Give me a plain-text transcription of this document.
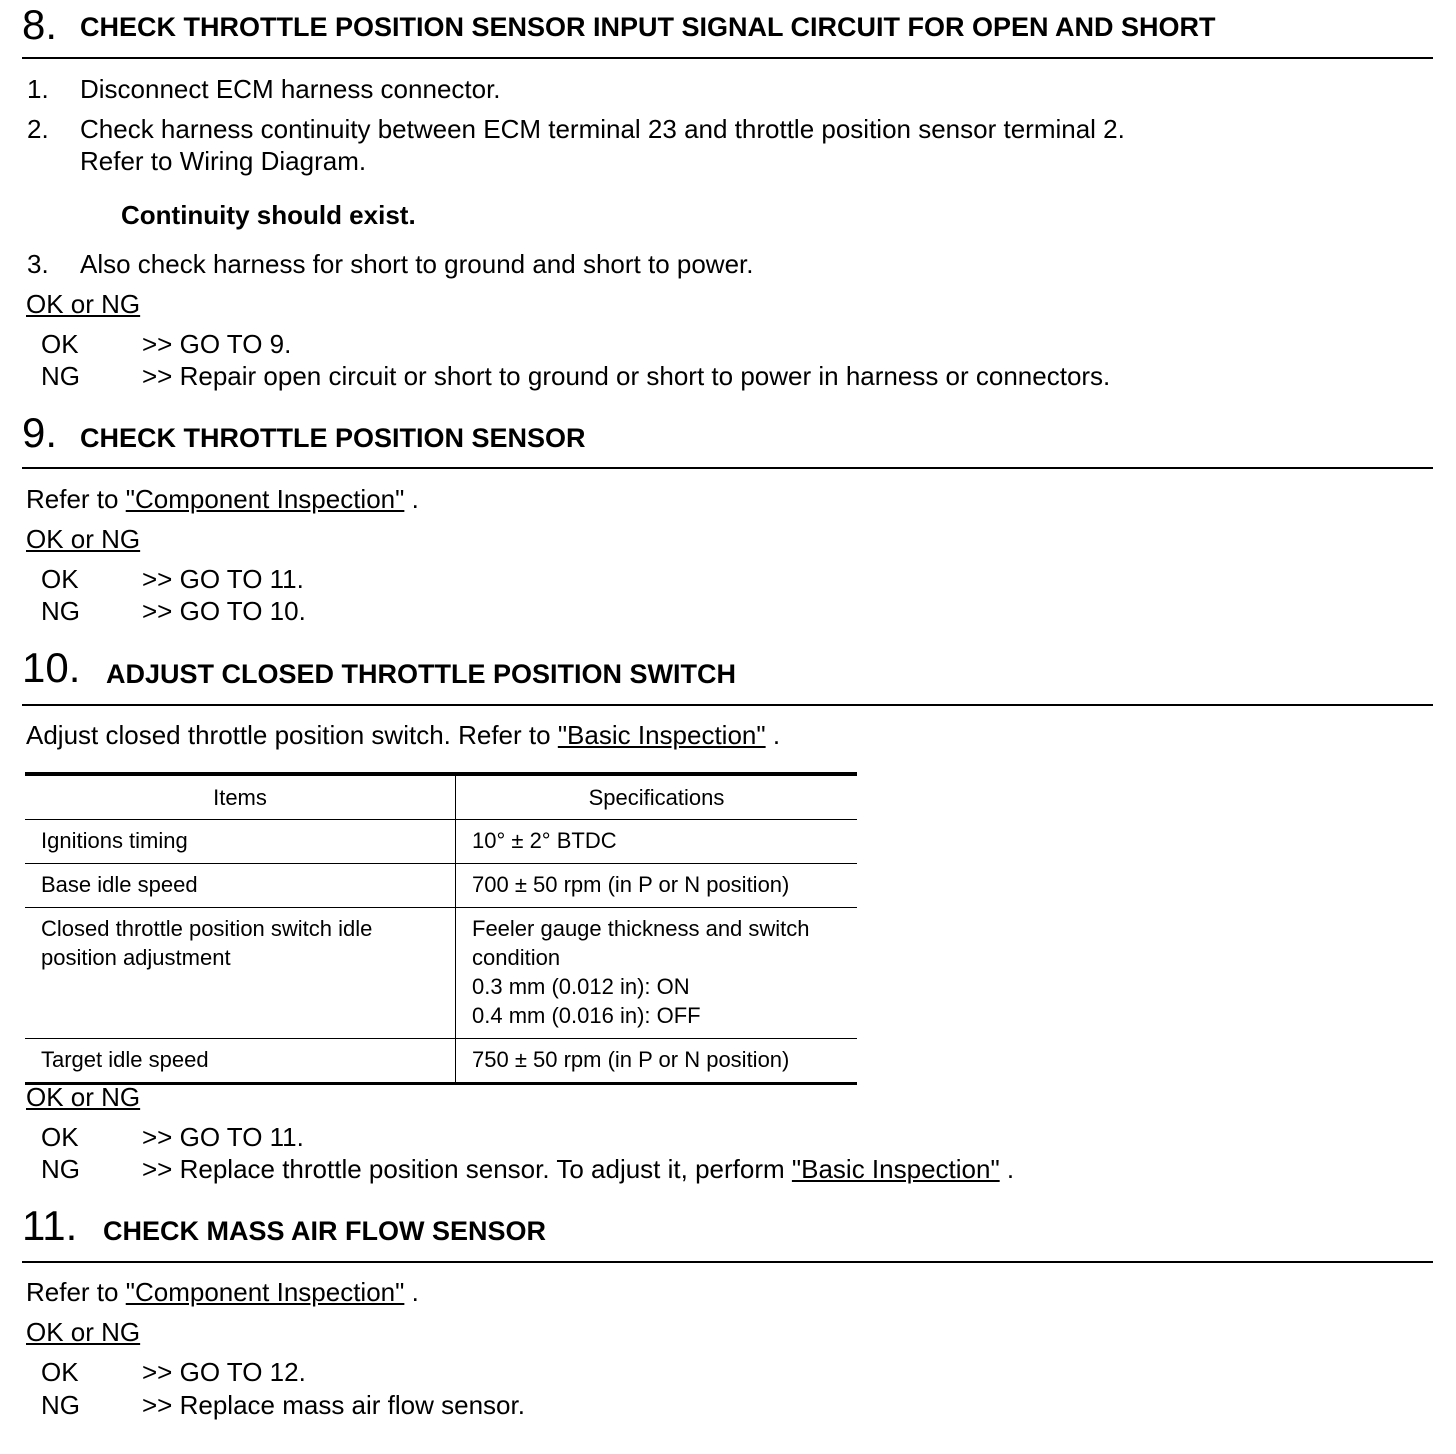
8. CHECK THROTTLE POSITION SENSOR INPUT SIGNAL CIRCUIT FOR OPEN AND SHORT
1. Disconnect ECM harness connector.
2. Check harness continuity between ECM terminal 23 and throttle position sensor terminal 2.
Refer to Wiring Diagram.
Continuity should exist.
3. Also check harness for short to ground and short to power.
OK or NG
OK >> GO TO 9.
NG >> Repair open circuit or short to ground or short to power in harness or connectors.
9. CHECK THROTTLE POSITION SENSOR
Refer to "Component Inspection" .
OK or NG
OK >> GO TO 11.
NG >> GO TO 10.
10. ADJUST CLOSED THROTTLE POSITION SWITCH
Adjust closed throttle position switch. Refer to "Basic Inspection" .
Items	Specifications

Ignitions timing	10° ± 2° BTDC

Base idle speed	700 ± 50 rpm (in P or N position)

Closed throttle position switch idle
position adjustment	Feeler gauge thickness and switch
condition
0.3 mm (0.012 in): ON
0.4 mm (0.016 in): OFF

Target idle speed	750 ± 50 rpm (in P or N position)
OK or NG
OK >> GO TO 11.
NG >> Replace throttle position sensor. To adjust it, perform "Basic Inspection" .
11. CHECK MASS AIR FLOW SENSOR
Refer to "Component Inspection" .
OK or NG
OK >> GO TO 12.
NG >> Replace mass air flow sensor.
